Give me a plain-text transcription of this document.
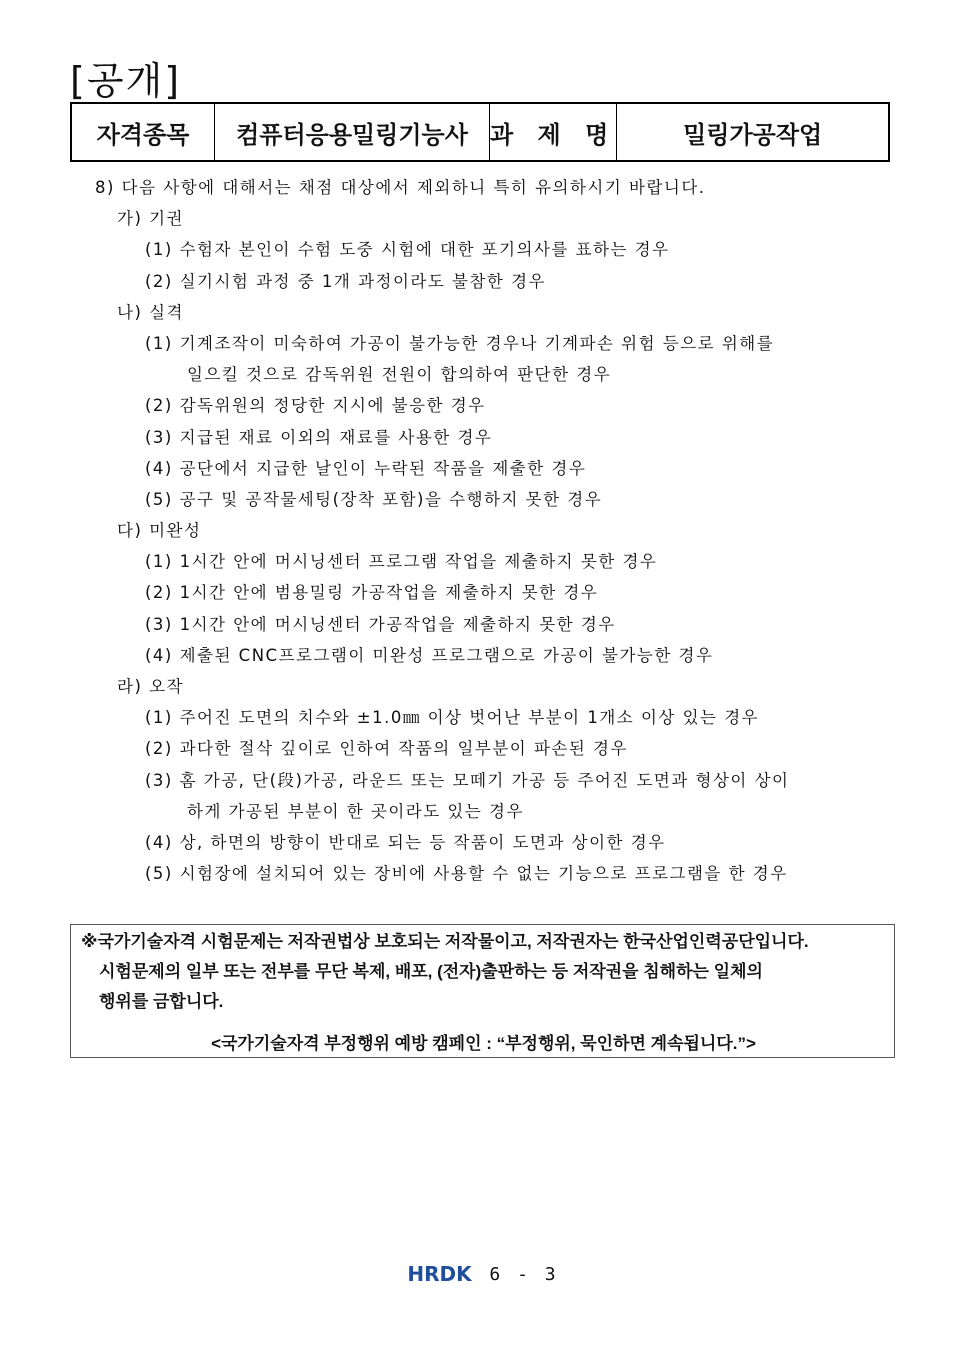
[공개]
자격종목	컴퓨터응용밀링기능사	과 제 명	밀링가공작업
8) 다음 사항에 대해서는 채점 대상에서 제외하니 특히 유의하시기 바랍니다.
가) 기권
(1) 수험자 본인이 수험 도중 시험에 대한 포기의사를 표하는 경우
(2) 실기시험 과정 중 1개 과정이라도 불참한 경우
나) 실격
(1) 기계조작이 미숙하여 가공이 불가능한 경우나 기계파손 위험 등으로 위해를
일으킬 것으로 감독위원 전원이 합의하여 판단한 경우
(2) 감독위원의 정당한 지시에 불응한 경우
(3) 지급된 재료 이외의 재료를 사용한 경우
(4) 공단에서 지급한 날인이 누락된 작품을 제출한 경우
(5) 공구 및 공작물세팅(장착 포함)을 수행하지 못한 경우
다) 미완성
(1) 1시간 안에 머시닝센터 프로그램 작업을 제출하지 못한 경우
(2) 1시간 안에 범용밀링 가공작업을 제출하지 못한 경우
(3) 1시간 안에 머시닝센터 가공작업을 제출하지 못한 경우
(4) 제출된 CNC프로그램이 미완성 프로그램으로 가공이 불가능한 경우
라) 오작
(1) 주어진 도면의 치수와 ±1.0㎜ 이상 벗어난 부분이 1개소 이상 있는 경우
(2) 과다한 절삭 깊이로 인하여 작품의 일부분이 파손된 경우
(3) 홈 가공, 단(段)가공, 라운드 또는 모떼기 가공 등 주어진 도면과 형상이 상이
하게 가공된 부분이 한 곳이라도 있는 경우
(4) 상, 하면의 방향이 반대로 되는 등 작품이 도면과 상이한 경우
(5) 시험장에 설치되어 있는 장비에 사용할 수 없는 기능으로 프로그램을 한 경우
※국가기술자격 시험문제는 저작권법상 보호되는 저작물이고, 저작권자는 한국산업인력공단입니다.
시험문제의 일부 또는 전부를 무단 복제, 배포, (전자)출판하는 등 저작권을 침해하는 일체의
행위를 금합니다.
<국가기술자격 부정행위 예방 캠페인 : “부정행위, 묵인하면 계속됩니다.”>
HRDK 6 - 3
